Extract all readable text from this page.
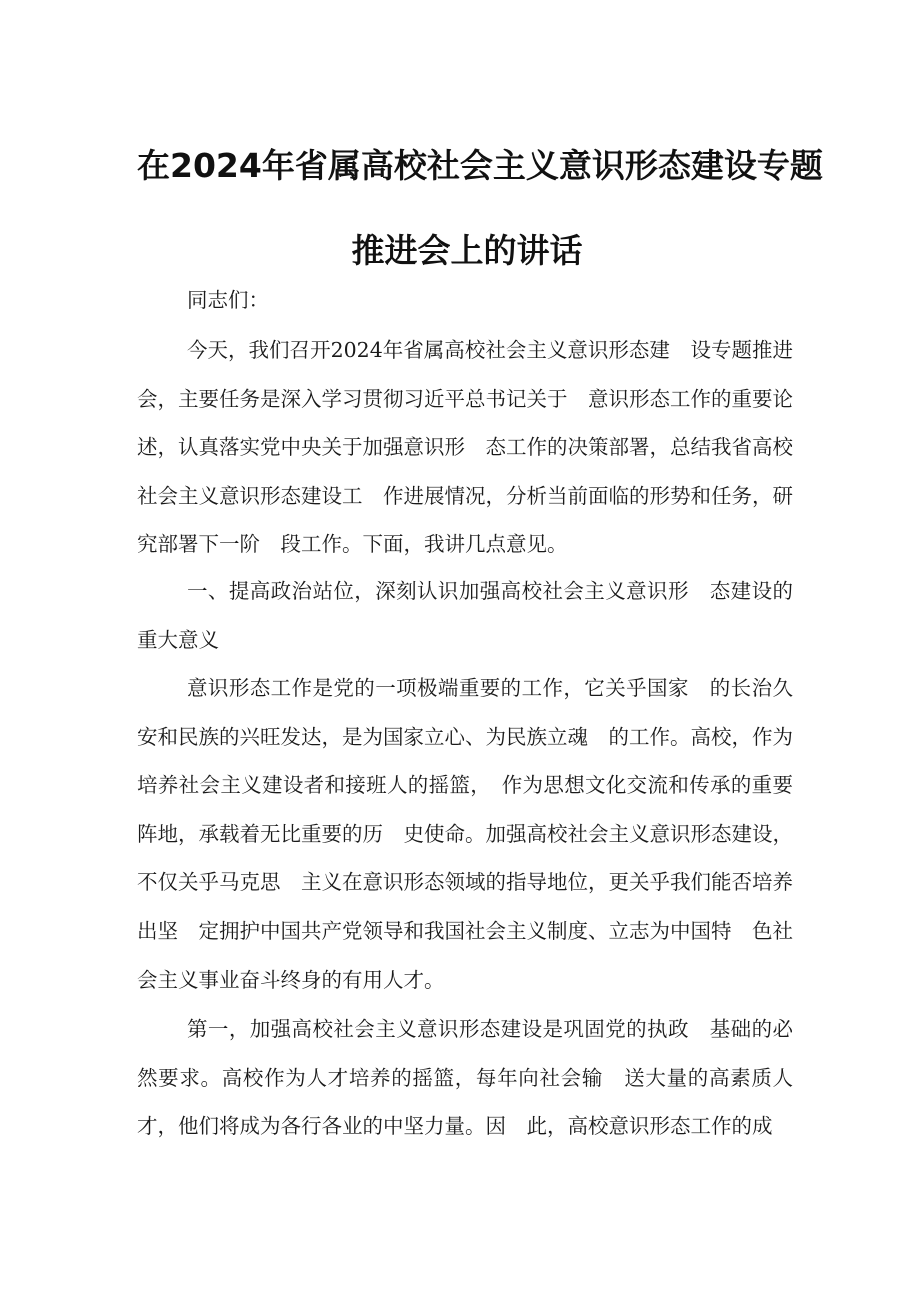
在2024年省属高校社会主义意识形态建设专题
推进会上的讲话
同志们：

今天，我们召开2024年省属高校社会主义意识形态建　设专题推进会，主要任务是深入学习贯彻习近平总书记关于　意识形态工作的重要论述，认真落实党中央关于加强意识形　态工作的决策部署，总结我省高校社会主义意识形态建设工　作进展情况，分析当前面临的形势和任务，研究部署下一阶　段工作。下面，我讲几点意见。

一、提高政治站位，深刻认识加强高校社会主义意识形　态建设的重大意义

意识形态工作是党的一项极端重要的工作，它关乎国家　的长治久安和民族的兴旺发达，是为国家立心、为民族立魂　的工作。高校，作为培养社会主义建设者和接班人的摇篮，　作为思想文化交流和传承的重要阵地，承载着无比重要的历　史使命。加强高校社会主义意识形态建设，不仅关乎马克思　主义在意识形态领域的指导地位，更关乎我们能否培养出坚　定拥护中国共产党领导和我国社会主义制度、立志为中国特　色社会主义事业奋斗终身的有用人才。

第一，加强高校社会主义意识形态建设是巩固党的执政　基础的必然要求。高校作为人才培养的摇篮，每年向社会输　送大量的高素质人才，他们将成为各行各业的中坚力量。因　此，高校意识形态工作的成
